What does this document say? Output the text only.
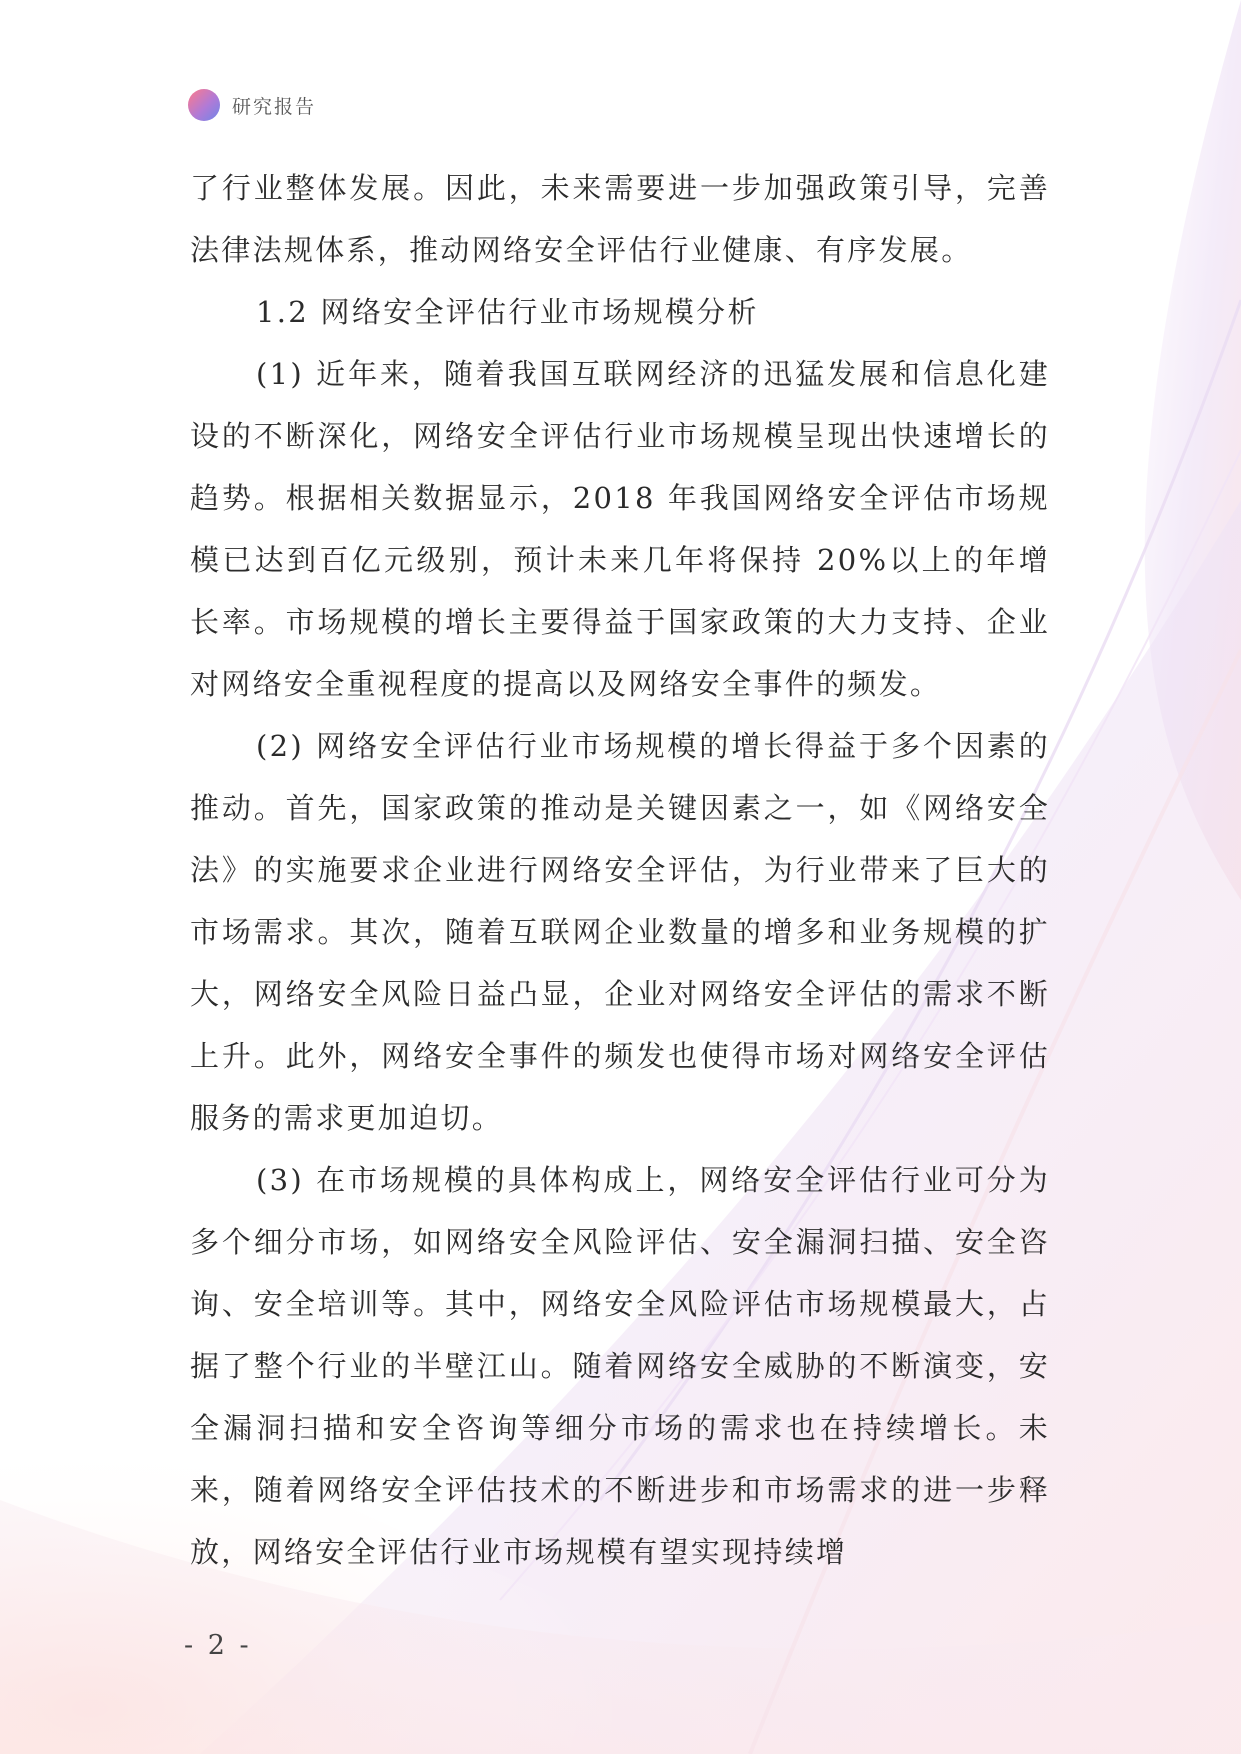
研究报告

了行业整体发展。因此，未来需要进一步加强政策引导，完善法律法规体系，推动网络安全评估行业健康、有序发展。

1.2 网络安全评估行业市场规模分析

(1) 近年来，随着我国互联网经济的迅猛发展和信息化建设的不断深化，网络安全评估行业市场规模呈现出快速增长的趋势。根据相关数据显示，2018 年我国网络安全评估市场规模已达到百亿元级别，预计未来几年将保持 20%以上的年增长率。市场规模的增长主要得益于国家政策的大力支持、企业对网络安全重视程度的提高以及网络安全事件的频发。

(2) 网络安全评估行业市场规模的增长得益于多个因素的推动。首先，国家政策的推动是关键因素之一，如《网络安全法》的实施要求企业进行网络安全评估，为行业带来了巨大的市场需求。其次，随着互联网企业数量的增多和业务规模的扩大，网络安全风险日益凸显，企业对网络安全评估的需求不断上升。此外，网络安全事件的频发也使得市场对网络安全评估服务的需求更加迫切。

(3) 在市场规模的具体构成上，网络安全评估行业可分为多个细分市场，如网络安全风险评估、安全漏洞扫描、安全咨询、安全培训等。其中，网络安全风险评估市场规模最大，占据了整个行业的半壁江山。随着网络安全威胁的不断演变，安全漏洞扫描和安全咨询等细分市场的需求也在持续增长。未来，随着网络安全评估技术的不断进步和市场需求的进一步释放，网络安全评估行业市场规模有望实现持续增

- 2 -
